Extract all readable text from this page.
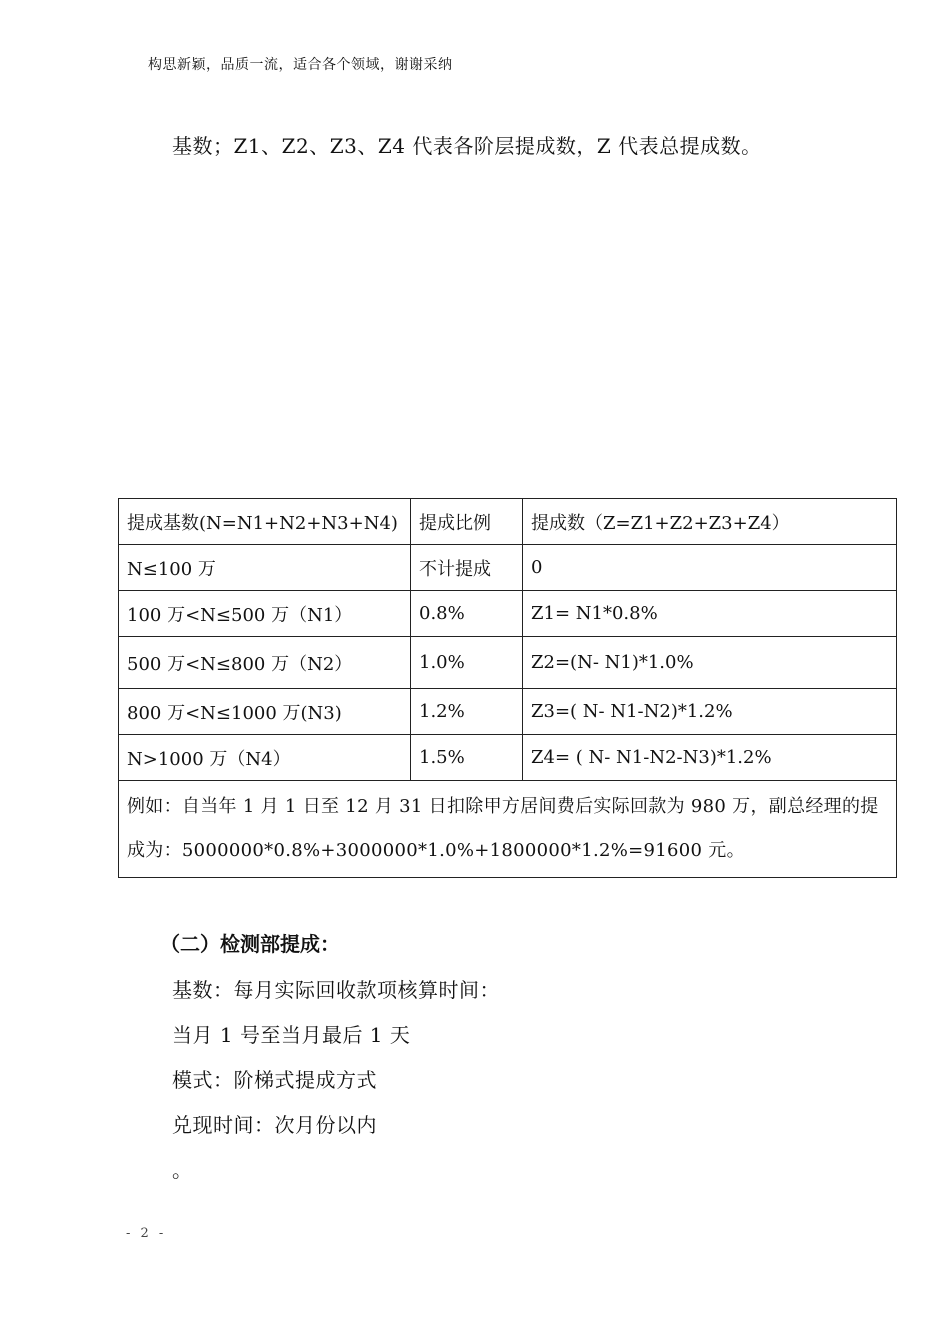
构思新颖，品质一流，适合各个领域，谢谢采纳
基数；Z1、Z2、Z3、Z4 代表各阶层提成数，Z 代表总提成数。
提成基数(N=N1+N2+N3+N4)	提成比例	提成数（Z=Z1+Z2+Z3+Z4）
N≤100 万	不计提成	0
100 万<N≤500 万（N1）	0.8%	Z1= N1*0.8%
500 万<N≤800 万（N2）	1.0%	Z2=(N- N1)*1.0%
800 万<N≤1000 万(N3)	1.2%	Z3=( N- N1-N2)*1.2%
N>1000 万（N4）	1.5%	Z4= ( N- N1-N2-N3)*1.2%
例如：自当年 1 月 1 日至 12 月 31 日扣除甲方居间费后实际回款为 980 万，副总经理的提成为：5000000*0.8%+3000000*1.0%+1800000*1.2%=91600 元。		
（二）检测部提成：
基数：每月实际回收款项核算时间：
当月 1 号至当月最后 1 天
模式：阶梯式提成方式
兑现时间：次月份以内
。
- 2 -
